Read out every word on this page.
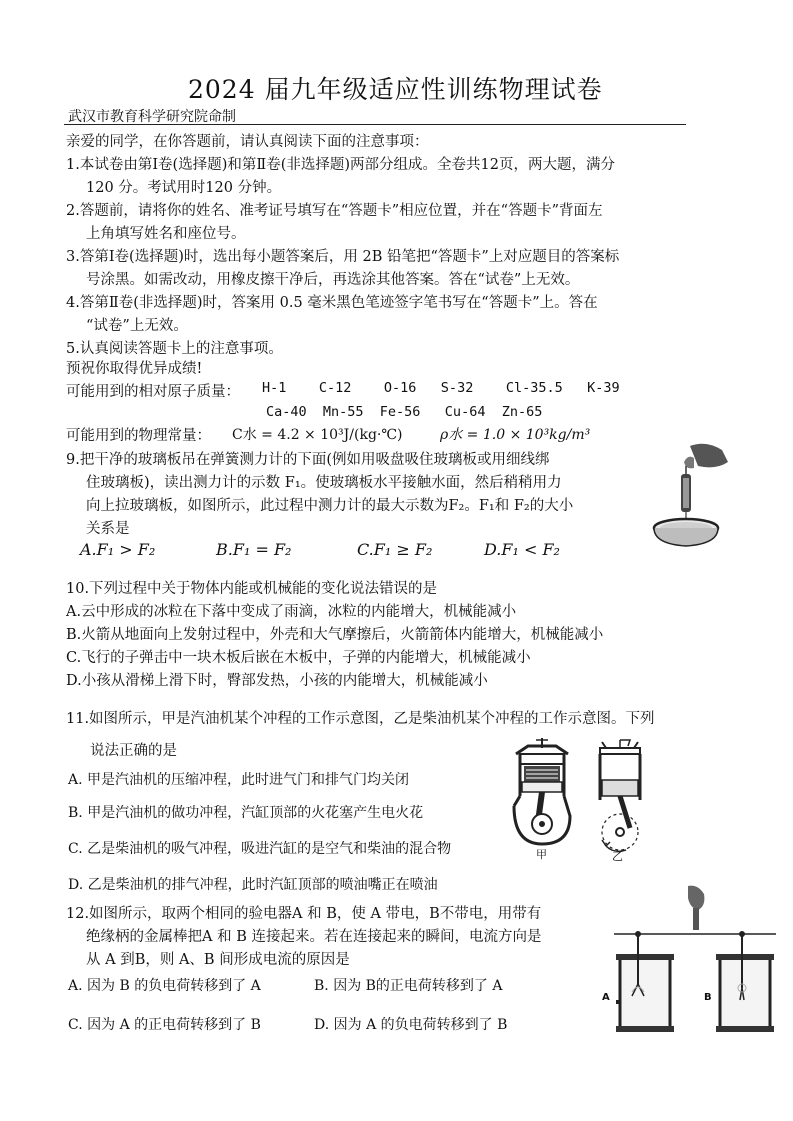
2024 届九年级适应性训练物理试卷
武汉市教育科学研究院命制
亲爱的同学，在你答题前，请认真阅读下面的注意事项：
1.本试卷由第Ⅰ卷(选择题)和第Ⅱ卷(非选择题)两部分组成。全卷共12页，两大题，满分
120 分。考试用时120 分钟。
2.答题前，请将你的姓名、准考证号填写在“答题卡”相应位置，并在“答题卡”背面左
上角填写姓名和座位号。
3.答第Ⅰ卷(选择题)时，选出每小题答案后，用 2B 铅笔把“答题卡”上对应题目的答案标
号涂黑。如需改动，用橡皮擦干净后，再选涂其他答案。答在“试卷”上无效。
4.答第Ⅱ卷(非选择题)时，答案用 0.5 毫米黑色笔迹签字笔书写在“答题卡”上。答在
“试卷”上无效。
5.认真阅读答题卡上的注意事项。
预祝你取得优异成绩!
可能用到的相对原子质量： H-1    C-12    O-16   S-32    Cl-35.5   K-39
Ca-40  Mn-55  Fe-56   Cu-64  Zn-65
可能用到的物理常量： C水 = 4.2 × 10³J/(kg·℃)	ρ水 = 1.0 × 10³kg/m³
9.把干净的玻璃板吊在弹簧测力计的下面(例如用吸盘吸住玻璃板或用细线绑
住玻璃板)，读出测力计的示数 F₁。使玻璃板水平接触水面，然后稍稍用力
向上拉玻璃板，如图所示，此过程中测力计的最大示数为F₂。F₁和 F₂的大小
关系是
A.F₁ > F₂	B.F₁ = F₂	C.F₁ ≥ F₂	D.F₁ < F₂
10.下列过程中关于物体内能或机械能的变化说法错误的是
A.云中形成的冰粒在下落中变成了雨滴，冰粒的内能增大，机械能减小
B.火箭从地面向上发射过程中，外壳和大气摩擦后，火箭箭体内能增大，机械能减小
C.飞行的子弹击中一块木板后嵌在木板中，子弹的内能增大，机械能减小
D.小孩从滑梯上滑下时，臀部发热，小孩的内能增大，机械能减小
11.如图所示，甲是汽油机某个冲程的工作示意图，乙是柴油机某个冲程的工作示意图。下列
说法正确的是
A. 甲是汽油机的压缩冲程，此时进气门和排气门均关闭
B. 甲是汽油机的做功冲程，汽缸顶部的火花塞产生电火花
C. 乙是柴油机的吸气冲程，吸进汽缸的是空气和柴油的混合物
D. 乙是柴油机的排气冲程，此时汽缸顶部的喷油嘴正在喷油
甲	乙
12.如图所示，取两个相同的验电器A 和 B，使 A 带电，B不带电，用带有
绝缘柄的金属棒把A 和 B 连接起来。若在连接起来的瞬间，电流方向是
从 A 到B，则 A、B 间形成电流的原因是
A. 因为 B 的负电荷转移到了 A	B. 因为 B的正电荷转移到了 A
C. 因为 A 的正电荷转移到了 B	D. 因为 A 的负电荷转移到了 B
A	B
